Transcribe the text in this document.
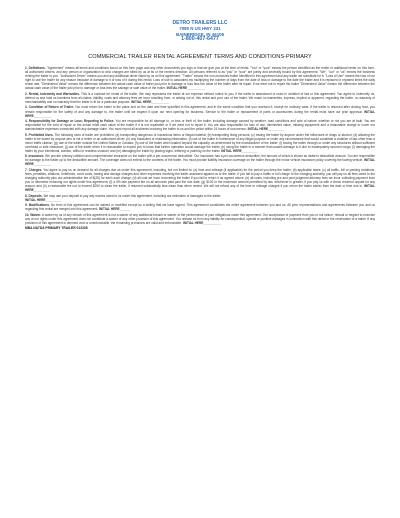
DETRO TRAILERS LLC
7080 N US HWY 231
BAINBRIDGE, IN 46105
1-800-407-6477
COMMERCIAL TRAILER RENTAL AGREEMENT TERMS AND CONDITIONS-PRIMARY

1. Definitions. "Agreement" means all terms and conditions found on this form page and any other documents you sign or that we give you at the time of rental. "You" or "your" means the person identified as the renter or additional renter on this form, all authorized drivers, and any person or organization to who charges are billed by us at its or the renters direction. All persons referred to as "you" or "your" are jointly and severally bound by this agreement. "We", "our" or "us" means the business renting the trailer to you. "Authorized Driver" means you and any additional driver listed by us on this agreement. "Trailer" means the non-motorized trailer identified in this agreement and any trailer we substitute for it. "Loss of Use" means the loss of our right to use the trailer for any reason because of damage to it or loss of it during this rental. Loss of use is calculated my multiplying the number of days from the date of loss or damage to the date the trailer and it is replaced or repaired times the daily rental rate. "Diminished Value" means the difference between the actual cash value of trailer just prior to damage or loss less the value of the trailer after its repair. If we elect not to repair the trailer "Diminished Value" means the difference between the actual cash value of the trailer just prior to damage or loss less the salvage or sale value of the trailer. INITIAL HERE__________

2. Rental, Indemnity and Warranties. This is a contract for rental of the trailer. We may repossess the trailer at our expense without notice to you, if the trailer is abandoned or used in violation of law or this agreement. You agree to indemnify us, defend us and hold us harmless from all claims, liability, costs and attorney fees we incur resulting from, or arising out of, this rental and your use of the trailer. We make no warranties, express, implied or apparent, regarding the trailer, no warranty of merchantability and no warranty that the trailer is fit for a particular purpose. INITIAL HERE__________

3. Condition of Return of Trailer. You must return the trailer to the place and on the date and time specified in this agreement, and in the same condition that you received it, except for ordinary wear. If the trailer is returned after closing hour, you remain responsible for the safety of and any damage to, the trailer until we inspect it upon our next opening for business. Service to the trailer or replacement of parts or accessories during the rental must have our prior approval. INITIAL HERE__________

4. Responsibility for Damage or Loss; Reporting to Police. You are responsible for all damage to, or loss or theft of, the trailer, including damage caused by weather, road conditions and acts of nature, whether or not you are at fault. You are responsible for the cost of repair or the actual retail cash value of the trailer if it is not repairable or if we elect not to repair it. You are also responsible for loss of use, diminished value, missing equipment and a reasonable charge to cover our administrative expenses connected with any damage claim. You must report all accidents involving the trailer to us and the police within 24 hours of occurrence. INITIAL HERE_________

5. Prohibited Uses. The following uses of trailer are prohibited: (a) transporting dangerous or hazardous items or illegal material; (b) transporting living persons; (c) towing the trailer by anyone under the influences of drugs or alcohol; (d) allowing the trailer to be towed by anyone who is not a renter or an authorized driver; (e) any fraudulent or misleading information, (f) use of the trailer in furtherance of any illegal purpose or under any circumstance that would constitute a violation of law other than a minor traffic citation; (g) use of the trailer outside the United States or Canada; (h) use of the trailer when loaded beyond the capacity, as determined by the manufacturer of the trailer; (i) towing the trailer through or under any structures without sufficient overhead or side clearance; (j) use of the trailer when it is reasonable to expect you to know that further operation would damage the trailer; (k) using the trailer in a manner that causes damage to it due to inadequately secured cargo; (l) damaging the trailer by your intentional, wanton, willful or reckless conduct; and (m) damaging the trailer by placing signs, lettering or painting on the trailer. INITIAL HERE_________

6. Insurance. We provide primary collision and comprehensive insurance on the trailer with a per-occurrence deductible. Our insurance has a per-occurrence deductible, the amount of which is shown as dealer's deductible amount. You are responsible for damage to the trailer up to the deductible amount. The coverage does not extend to the contents of the trailer. You must provide liability insurance coverage on the trailer through the motor vehicle insurance policy covering the towing vehicle. INITIAL HERE__________

7. Charges. You agree to pay us on demand for all charges due us under this agreement, including, but not limited to: (a) time and mileage (if applicable) for the period you keep the trailer; (b) applicable taxes; (c) all traffic, toll or parking violations, fines, penalties, citations, forfeitures, court costs, towing and storage charges and other expenses involving the trailer assessed against us or the trailer. If you fail to pay a traffic or toll charge to the charging authority, you will pay us all fees owed to the charging authority plus our administrative fee of $(25) for each such charge; (d) all cost we incur recovering the trailer if you fail to return it as agreed above; (e) all costs, including pre and post judgment attorney fees we incur collecting payment from you or otherwise enforcing our rights under this agreement; (f) a 5% late payment fee on all amounts paid past the due date; (g) $100 or the maximum amount permitted by law, whichever is greater, if you pay us with a check returned unpaid for any reason; and (h) a reasonable fee not to exceed $200 to clean the trailer, if returned substantially less clean than when rented. We will not refund any of the time or mileage charges if you return the trailer earlier than the date or time due in. INITIAL HERE_________

8. Deposits. We may use your deposit to pay any monies owed to us under this agreement, including our estimates of damages to the trailer.
INITIAL HERE_________

9. Modifications. No term of this agreement can be waived or modified except by a writing that we have signed. This agreement constitutes the entire agreement between you and us. All prior representations and agreements between you and us regarding this rental are merged into this agreement. INITIAL HERE______

10. Waiver. A waiver by us of any breach of this agreement is not a waiver of any additional breach or waiver of the performance of your obligations under this agreement. Our acceptance of payment from you or our failure, refusal or neglect to exercise any of our rights under this agreement does not constitute a waiver of any other provision of this agreement. You release us from any liability for consequential, special or punitive damages in connection with this rental or the reservation of a trailer. If any provision of this agreement is deemed void or unenforceable, the remaining provisions are valid and enforceable. INITIAL HERE__________

MBA NATDA PRIMARY TRAILER 012308
